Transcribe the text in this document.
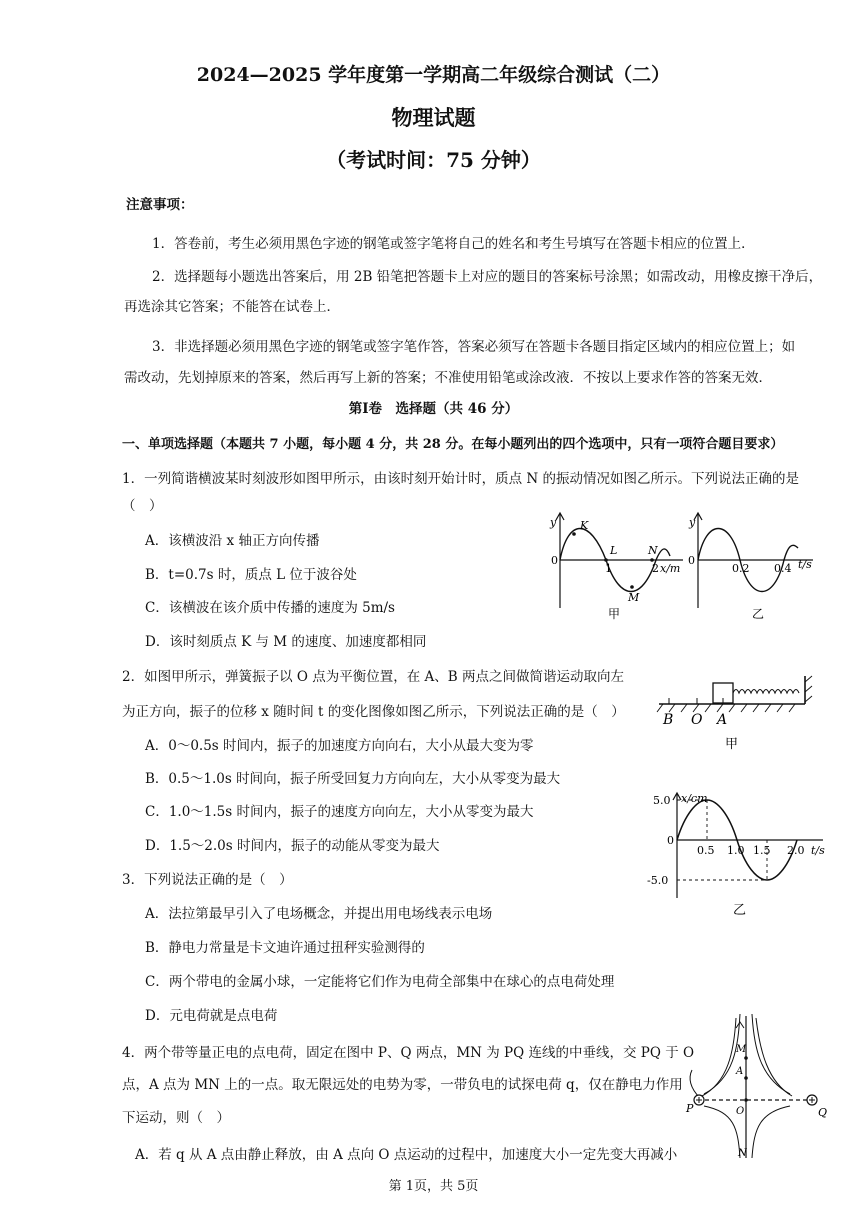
2024—2025 学年度第一学期高二年级综合测试（二）
物理试题
（考试时间：75 分钟）
注意事项：
1．答卷前，考生必须用黑色字迹的钢笔或签字笔将自己的姓名和考生号填写在答题卡相应的位置上．
2．选择题每小题选出答案后，用 2B 铅笔把答题卡上对应的题目的答案标号涂黑；如需改动，用橡皮擦干净后，
再选涂其它答案；不能答在试卷上．
3．非选择题必须用黑色字迹的钢笔或签字笔作答，答案必须写在答题卡各题目指定区域内的相应位置上；如
需改动，先划掉原来的答案，然后再写上新的答案；不准使用铅笔或涂改液．不按以上要求作答的答案无效．
第Ⅰ卷　选择题（共 46 分）
一、单项选择题（本题共 7 小题，每小题 4 分，共 28 分。在每小题列出的四个选项中，只有一项符合题目要求）
1．一列简谐横波某时刻波形如图甲所示，由该时刻开始计时，质点 N 的振动情况如图乙所示。下列说法正确的是
（　）
A．该横波沿 x 轴正方向传播
B．t=0.7s 时，质点 L 位于波谷处
C．该横波在该介质中传播的速度为 5m/s
D．该时刻质点 K 与 M 的速度、加速度都相同
y
0
K
L	N
M
1	2 x/m
甲
y
0
0.2 0.4 t/s
乙
2．如图甲所示，弹簧振子以 O 点为平衡位置，在 A、B 两点之间做简谐运动取向左
为正方向，振子的位移 x 随时间 t 的变化图像如图乙所示，下列说法正确的是（　）
A．0～0.5s 时间内，振子的加速度方向向右，大小从最大变为零
B．0.5～1.0s 时间向，振子所受回复力方向向左，大小从零变为最大
C．1.0～1.5s 时间内，振子的速度方向向左，大小从零变为最大
D．1.5～2.0s 时间内，振子的动能从零变为最大
B O A
甲
x/cm
5.0
0
-5.0
0.5 1.0 1.5 2.0 t/s
乙
3．下列说法正确的是（　）
A．法拉第最早引入了电场概念，并提出用电场线表示电场
B．静电力常量是卡文迪许通过扭秤实验测得的
C．两个带电的金属小球，一定能将它们作为电荷全部集中在球心的点电荷处理
D．元电荷就是点电荷
4．两个带等量正电的点电荷，固定在图中 P、Q 两点，MN 为 PQ 连线的中垂线，交 PQ 于 O
点，A 点为 MN 上的一点。取无限远处的电势为零，一带负电的试探电荷 q，仅在静电力作用
下运动，则（　）
A．若 q 从 A 点由静止释放，由 A 点向 O 点运动的过程中，加速度大小一定先变大再减小
M
A
O
P	Q
N
第 1页，共 5页
